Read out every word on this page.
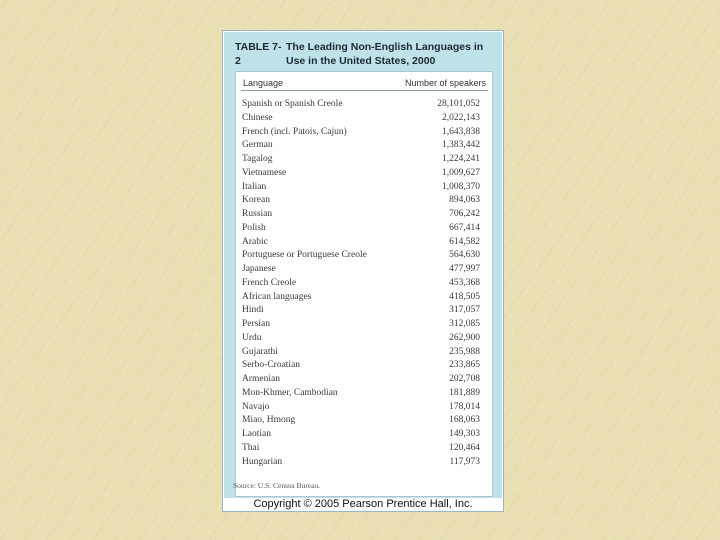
TABLE 7-2The Leading Non-English Languages in Use in the United States, 2000
Language	Number of speakers
Spanish or Spanish Creole	28,101,052
Chinese	2,022,143
French (incl. Patois, Cajun)	1,643,838
German	1,383,442
Tagalog	1,224,241
Vietnamese	1,009,627
Italian	1,008,370
Korean	894,063
Russian	706,242
Polish	667,414
Arabic	614,582
Portuguese or Portuguese Creole	564,630
Japanese	477,997
French Creole	453,368
African languages	418,505
Hindi	317,057
Persian	312,085
Urdu	262,900
Gujarathi	235,988
Serbo-Croatian	233,865
Armenian	202,708
Mon-Khmer, Cambodian	181,889
Navajo	178,014
Miao, Hmong	168,063
Laotian	149,303
Thai	120,464
Hungarian	117,973
Source: U.S. Census Bureau.
Copyright © 2005 Pearson Prentice Hall, Inc.
